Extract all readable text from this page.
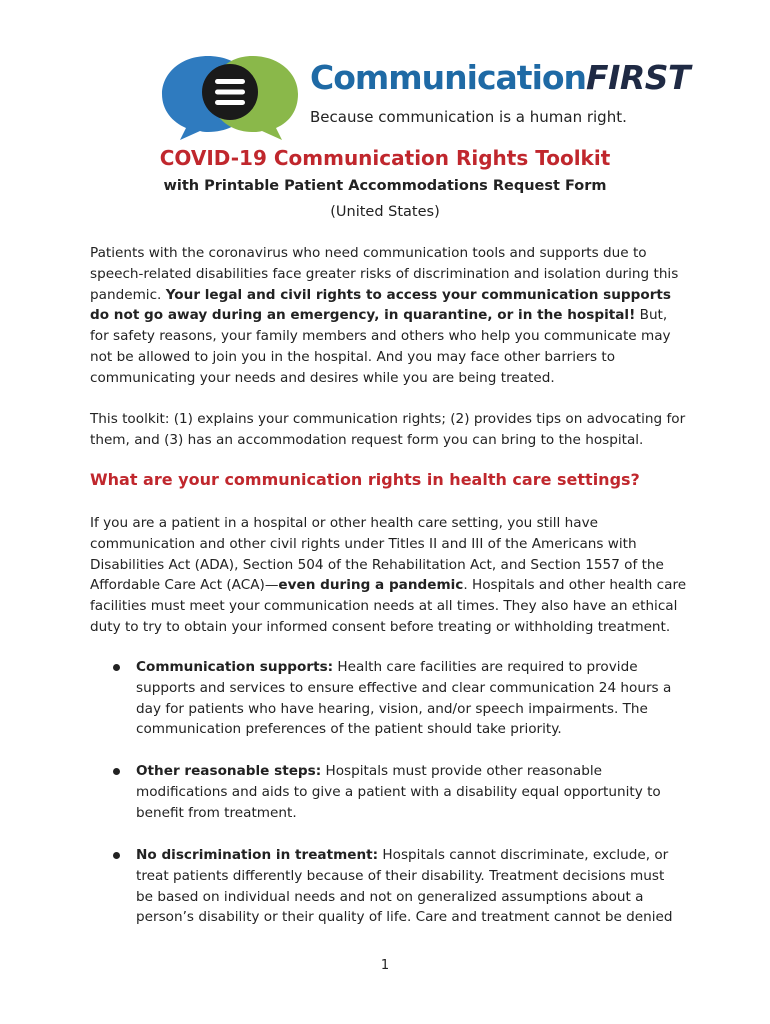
CommunicationFIRST
Because communication is a human right.
COVID-19 Communication Rights Toolkit
with Printable Patient Accommodations Request Form
(United States)

Patients with the coronavirus who need communication tools and supports due to speech-related disabilities face greater risks of discrimination and isolation during this pandemic. Your legal and civil rights to access your communication supports do not go away during an emergency, in quarantine, or in the hospital! But, for safety reasons, your family members and others who help you communicate may not be allowed to join you in the hospital. And you may face other barriers to communicating your needs and desires while you are being treated.

This toolkit: (1) explains your communication rights; (2) provides tips on advocating for them, and (3) has an accommodation request form you can bring to the hospital.

What are your communication rights in health care settings?

If you are a patient in a hospital or other health care setting, you still have communication and other civil rights under Titles II and III of the Americans with Disabilities Act (ADA), Section 504 of the Rehabilitation Act, and Section 1557 of the Affordable Care Act (ACA)—even during a pandemic. Hospitals and other health care facilities must meet your communication needs at all times. They also have an ethical duty to try to obtain your informed consent before treating or withholding treatment.

Communication supports: Health care facilities are required to provide supports and services to ensure effective and clear communication 24 hours a day for patients who have hearing, vision, and/or speech impairments. The communication preferences of the patient should take priority.

Other reasonable steps: Hospitals must provide other reasonable modifications and aids to give a patient with a disability equal opportunity to benefit from treatment.

No discrimination in treatment: Hospitals cannot discriminate, exclude, or treat patients differently because of their disability. Treatment decisions must be based on individual needs and not on generalized assumptions about a person’s disability or their quality of life. Care and treatment cannot be denied

1
